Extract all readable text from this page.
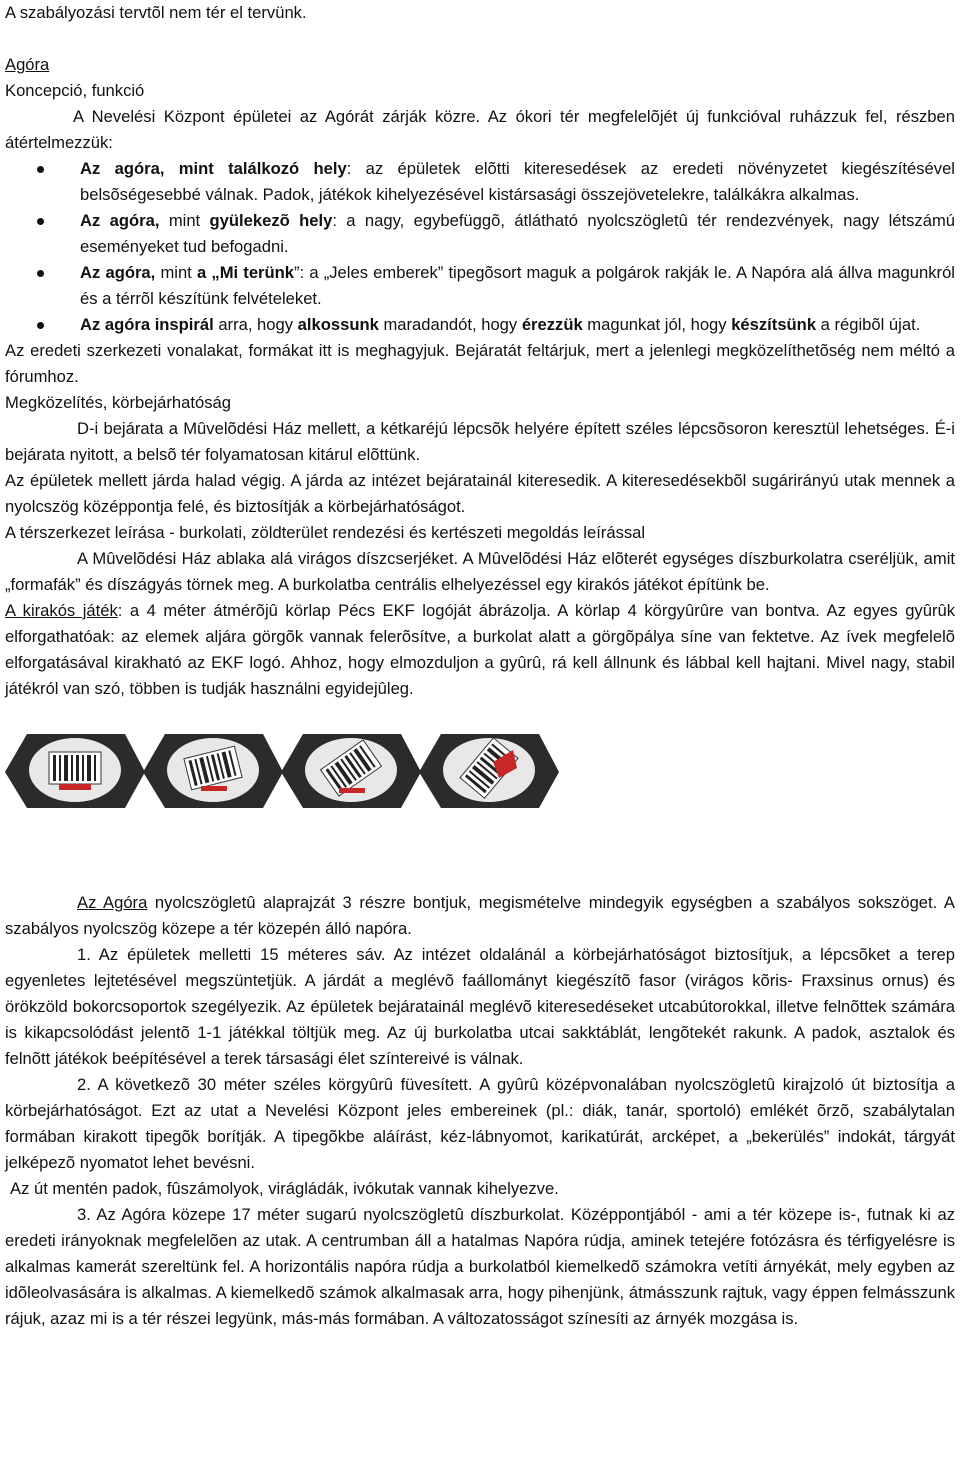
A szabályozási tervtõl nem tér el tervünk.

Agóra

Koncepció, funkció

A Nevelési Központ épületei az Agórát zárják közre. Az ókori tér megfelelõjét új funkcióval ruházzuk fel, részben átértelmezzük:

Az agóra, mint találkozó hely: az épületek elõtti kiteresedések az eredeti növényzetet kiegészítésével belsõségesebbé válnak. Padok, játékok kihelyezésével kistársasági összejövetelekre, találkákra alkalmas.
Az agóra, mint gyülekezõ hely: a nagy, egybefüggõ, átlátható nyolcszögletû tér rendezvények, nagy létszámú eseményeket tud befogadni.
Az agóra, mint a „Mi terünk”: a „Jeles emberek” tipegõsort maguk a polgárok rakják le. A Napóra alá állva magunkról és a térrõl készítünk felvételeket.
Az agóra inspirál arra, hogy alkossunk maradandót, hogy érezzük magunkat jól, hogy készítsünk a régibõl újat.

Az eredeti szerkezeti vonalakat, formákat itt is meghagyjuk. Bejáratát feltárjuk, mert a jelenlegi megközelíthetõség nem méltó a fórumhoz.

Megközelítés, körbejárhatóság

D-i bejárata a Mûvelõdési Ház mellett, a kétkaréjú lépcsõk helyére épített széles lépcsõsoron keresztül lehetséges. É-i bejárata nyitott, a belsõ tér folyamatosan kitárul elõttünk.

Az épületek mellett járda halad végig. A járda az intézet bejáratainál kiteresedik. A kiteresedésekbõl sugárirányú utak mennek a nyolcszög középpontja felé, és biztosítják a körbejárhatóságot.

A térszerkezet leírása - burkolati, zöldterület rendezési és kertészeti megoldás leírással

A Mûvelõdési Ház ablaka alá virágos díszcserjéket. A Mûvelõdési Ház elõterét egységes díszburkolatra cseréljük, amit „formafák” és díszágyás törnek meg. A burkolatba centrális elhelyezéssel egy kirakós játékot építünk be.

A kirakós játék: a 4 méter átmérõjû körlap Pécs EKF logóját ábrázolja. A körlap 4 körgyûrûre van bontva. Az egyes gyûrûk elforgathatóak: az elemek aljára görgõk vannak felerõsítve, a burkolat alatt a görgõpálya síne van fektetve. Az ívek megfelelõ elforgatásával kirakható az EKF logó. Ahhoz, hogy elmozduljon a gyûrû, rá kell állnunk és lábbal kell hajtani. Mivel nagy, stabil játékról van szó, többen is tudják használni egyidejûleg.

Az Agóra nyolcszögletû alaprajzát 3 részre bontjuk, megismételve mindegyik egységben a szabályos sokszöget. A szabályos nyolcszög közepe a tér közepén álló napóra.

1. Az épületek melletti 15 méteres sáv. Az intézet oldalánál a körbejárhatóságot biztosítjuk, a lépcsõket a terep egyenletes lejtetésével megszüntetjük. A járdát a meglévõ faállományt kiegészítõ fasor (virágos kõris- Fraxsinus ornus) és örökzöld bokorcsoportok szegélyezik. Az épületek bejáratainál meglévõ kiteresedéseket utcabútorokkal, illetve felnõttek számára is kikapcsolódást jelentõ 1-1 játékkal töltjük meg. Az új burkolatba utcai sakktáblát, lengõtekét rakunk. A padok, asztalok és felnõtt játékok beépítésével a terek társasági élet színtereivé is válnak.

2. A következõ 30 méter széles körgyûrû füvesített. A gyûrû középvonalában nyolcszögletû kirajzoló út biztosítja a körbejárhatóságot. Ezt az utat a Nevelési Központ jeles embereinek (pl.: diák, tanár, sportoló) emlékét õrzõ, szabálytalan formában kirakott tipegõk borítják. A tipegõkbe aláírást, kéz-lábnyomot, karikatúrát, arcképet, a „bekerülés” indokát, tárgyát jelképezõ nyomatot lehet bevésni.

Az út mentén padok, fûszámolyok, virágládák, ivókutak vannak kihelyezve.

3. Az Agóra közepe 17 méter sugarú nyolcszögletû díszburkolat. Középpontjából - ami a tér közepe is-, futnak ki az eredeti irányoknak megfelelõen az utak. A centrumban áll a hatalmas Napóra rúdja, aminek tetejére fotózásra és térfigyelésre is alkalmas kamerát szereltünk fel. A horizontális napóra rúdja a burkolatból kiemelkedõ számokra vetíti árnyékát, mely egyben az idõleolvasására is alkalmas. A kiemelkedõ számok alkalmasak arra, hogy pihenjünk, átmásszunk rajtuk, vagy éppen felmásszunk rájuk, azaz mi is a tér részei legyünk, más-más formában. A változatosságot színesíti az árnyék mozgása is.
